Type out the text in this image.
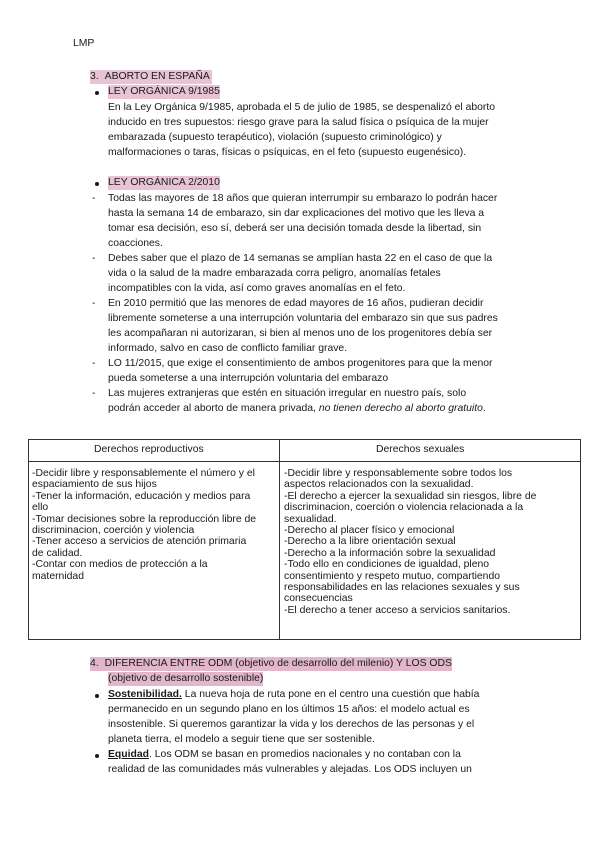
LMP
3. ABORTO EN ESPAÑA
LEY ORGÁNICA 9/1985
En la Ley Orgánica 9/1985, aprobada el 5 de julio de 1985, se despenalizó el aborto
inducido en tres supuestos: riesgo grave para la salud física o psíquica de la mujer
embarazada (supuesto terapéutico), violación (supuesto criminológico) y
malformaciones o taras, físicas o psíquicas, en el feto (supuesto eugenésico).
LEY ORGÁNICA 2/2010
- Todas las mayores de 18 años que quieran interrumpir su embarazo lo podrán hacer
hasta la semana 14 de embarazo, sin dar explicaciones del motivo que les lleva a
tomar esa decisión, eso sí, deberá ser una decisión tomada desde la libertad, sin
coacciones.
- Debes saber que el plazo de 14 semanas se amplían hasta 22 en el caso de que la
vida o la salud de la madre embarazada corra peligro, anomalías fetales
incompatibles con la vida, así como graves anomalías en el feto.
- En 2010 permitió que las menores de edad mayores de 16 años, pudieran decidir
libremente someterse a una interrupción voluntaria del embarazo sin que sus padres
les acompañaran ni autorizaran, si bien al menos uno de los progenitores debía ser
informado, salvo en caso de conflicto familiar grave.
- LO 11/2015, que exige el consentimiento de ambos progenitores para que la menor
pueda someterse a una interrupción voluntaria del embarazo
- Las mujeres extranjeras que estén en situación irregular en nuestro país, solo
podrán acceder al aborto de manera privada, no tienen derecho al aborto gratuito.
Derechos reproductivos	Derechos sexuales
-Decidir libre y responsablemente el número y el
espaciamiento de sus hijos
-Tener la información, educación y medios para
ello
-Tomar decisiones sobre la reproducción libre de
discriminacion, coerción y violencia
-Tener acceso a servicios de atención primaria
de calidad.
-Contar con medios de protección a la
maternidad
-Decidir libre y responsablemente sobre todos los
aspectos relacionados con la sexualidad.
-El derecho a ejercer la sexualidad sin riesgos, libre de
discriminacion, coerción o violencia relacionada a la
sexualidad.
-Derecho al placer físico y emocional
-Derecho a la libre orientación sexual
-Derecho a la información sobre la sexualidad
-Todo ello en condiciones de igualdad, pleno
consentimiento y respeto mutuo, compartiendo
responsabilidades en las relaciones sexuales y sus
consecuencias
-El derecho a tener acceso a servicios sanitarios.
4. DIFERENCIA ENTRE ODM (objetivo de desarrollo del milenio) Y LOS ODS
(objetivo de desarrollo sostenible)
Sostenibilidad. La nueva hoja de ruta pone en el centro una cuestión que había
permanecido en un segundo plano en los últimos 15 años: el modelo actual es
insostenible. Si queremos garantizar la vida y los derechos de las personas y el
planeta tierra, el modelo a seguir tiene que ser sostenible.
Equidad. Los ODM se basan en promedios nacionales y no contaban con la
realidad de las comunidades más vulnerables y alejadas. Los ODS incluyen un
